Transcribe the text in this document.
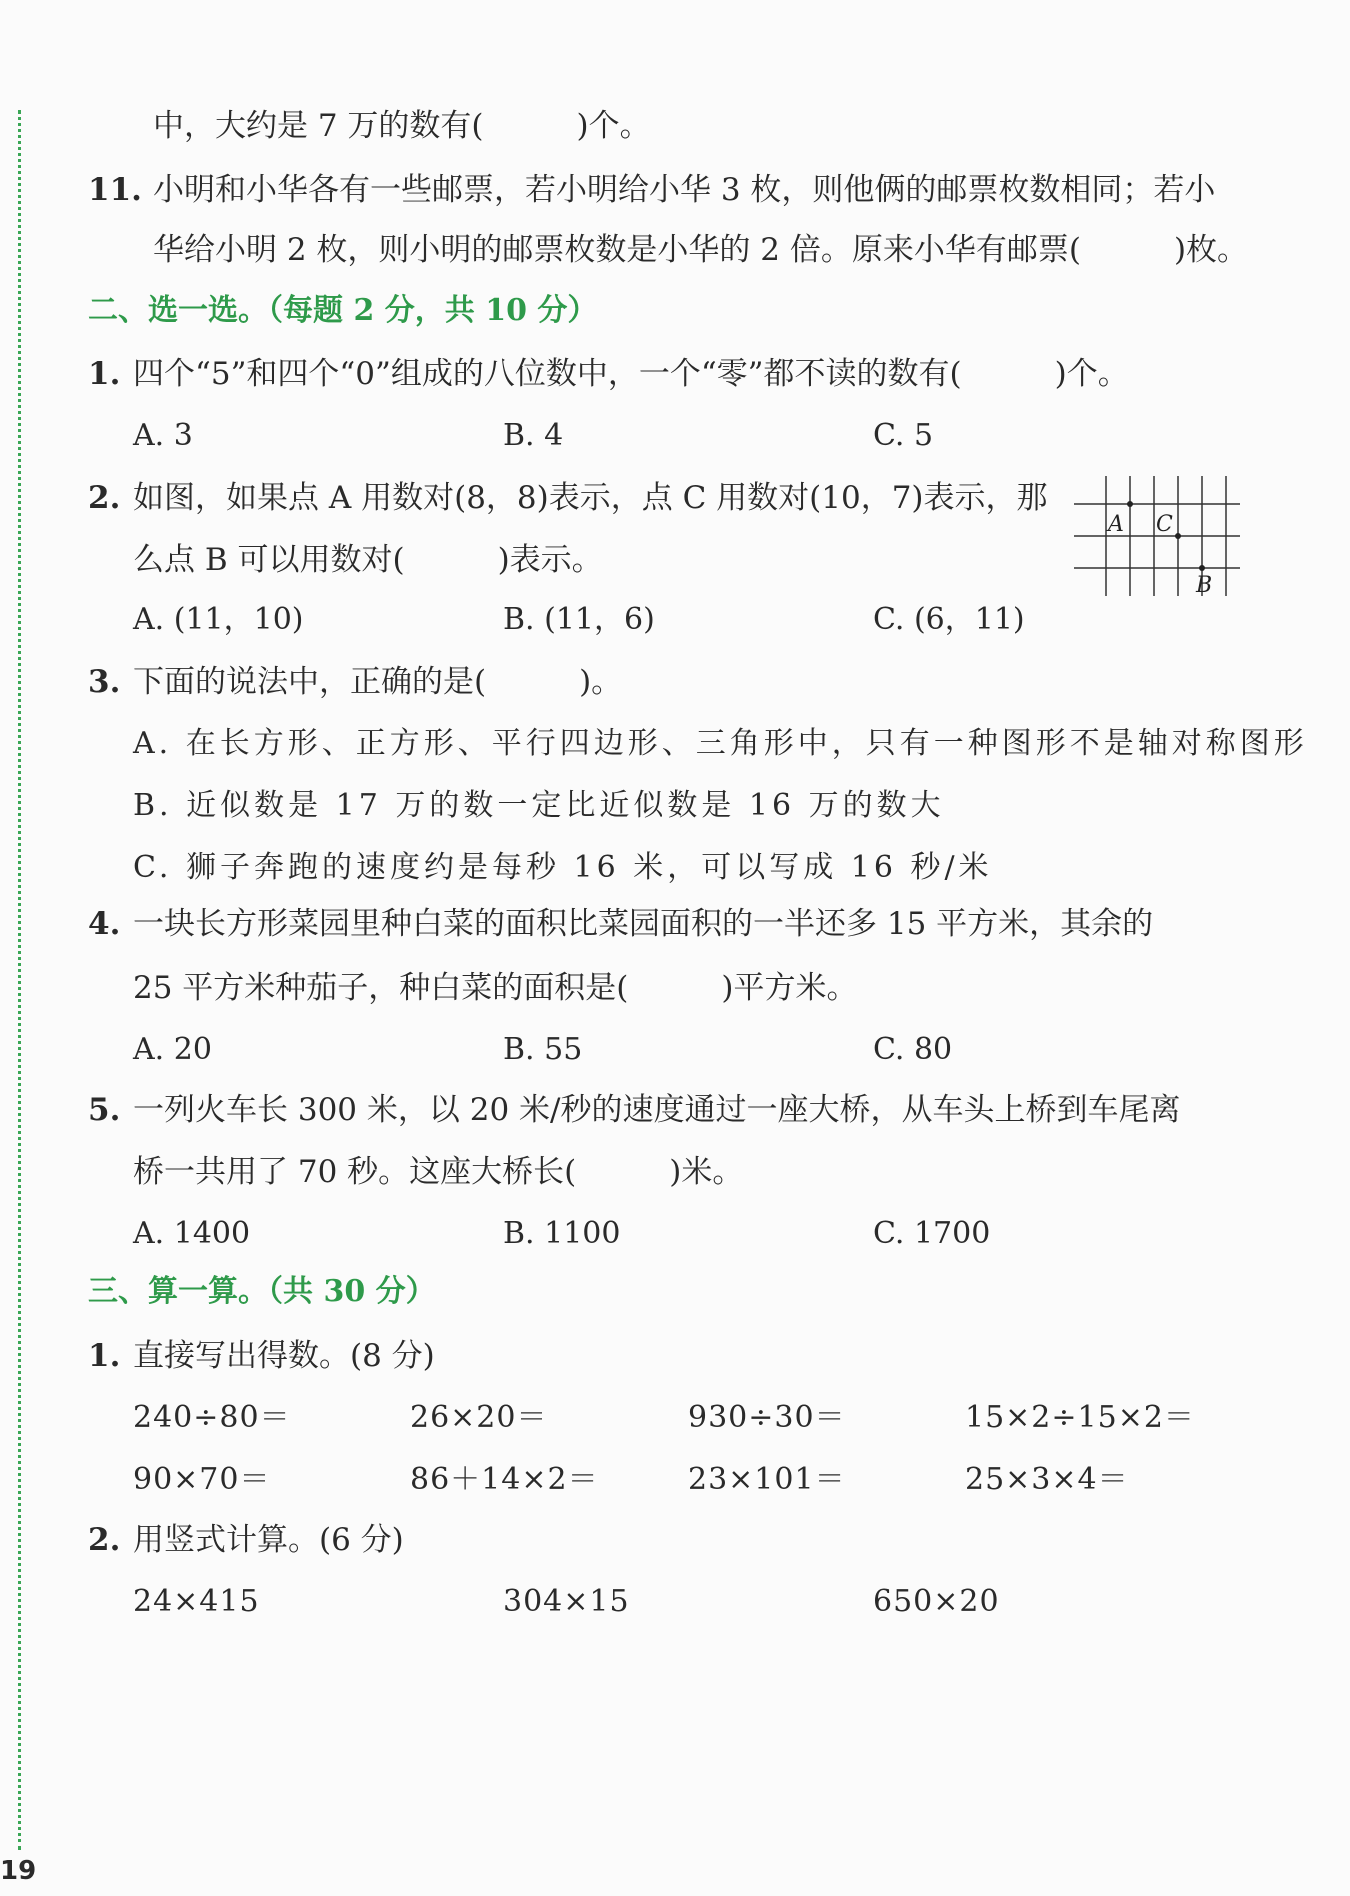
中，大约是 7 万的数有(　　　)个。
11. 小明和小华各有一些邮票，若小明给小华 3 枚，则他俩的邮票枚数相同；若小
华给小明 2 枚，则小明的邮票枚数是小华的 2 倍。原来小华有邮票(　　　)枚。
二、选一选。（每题 2 分，共 10 分）
1. 四个“5”和四个“0”组成的八位数中，一个“零”都不读的数有(　　　)个。
A. 3	B. 4	C. 5
2. 如图，如果点 A 用数对(8，8)表示，点 C 用数对(10，7)表示，那
么点 B 可以用数对(　　　)表示。
A. (11，10)	B. (11，6)	C. (6，11)
A C
B
3. 下面的说法中，正确的是(　　　)。
A. 在长方形、正方形、平行四边形、三角形中，只有一种图形不是轴对称图形
B. 近似数是 17 万的数一定比近似数是 16 万的数大
C. 狮子奔跑的速度约是每秒 16 米，可以写成 16 秒/米
4. 一块长方形菜园里种白菜的面积比菜园面积的一半还多 15 平方米，其余的
25 平方米种茄子，种白菜的面积是(　　　)平方米。
A. 20	B. 55	C. 80
5. 一列火车长 300 米，以 20 米/秒的速度通过一座大桥，从车头上桥到车尾离
桥一共用了 70 秒。这座大桥长(　　　)米。
A. 1400	B. 1100	C. 1700
三、算一算。（共 30 分）
1. 直接写出得数。(8 分)
240÷80＝	26×20＝	930÷30＝	15×2÷15×2＝
90×70＝	86＋14×2＝	23×101＝	25×3×4＝
2. 用竖式计算。(6 分)
24×415	304×15	650×20
19
